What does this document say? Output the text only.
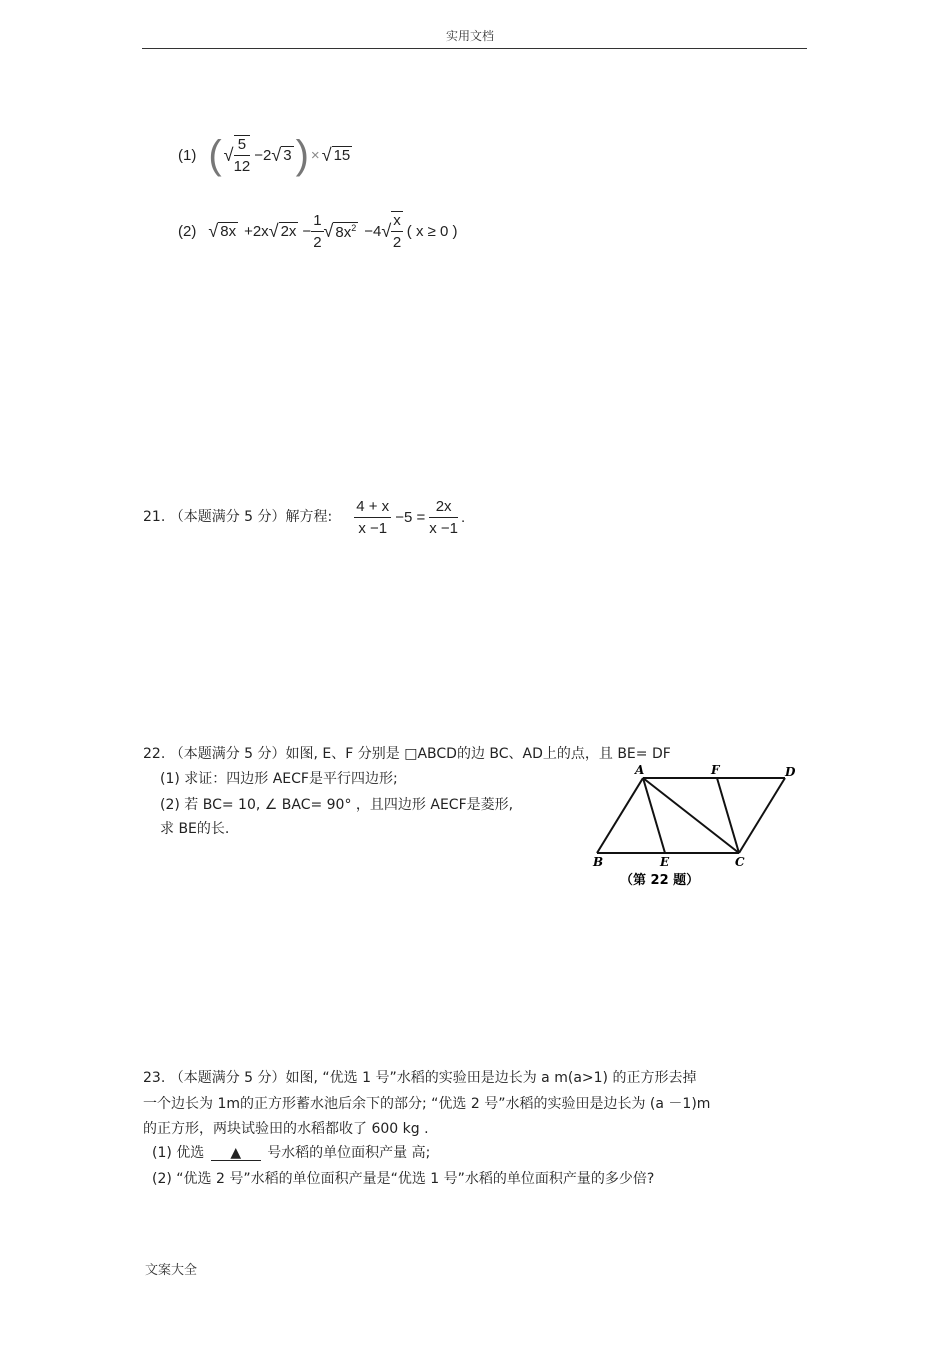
实用文档
(1) ( √ $\frac{5}{12} -2$ √ 3 ) × √ 15
(2) √ 8x +2x √ $2x - \frac{1}{2}$ √ $8x^2 -4$ √ $\frac{x}{2}$ ( x ≥ 0 )
21. （本题满分 5 分）解方程: $\frac{4 + x}{x -1} -5 = \frac{2x}{x -1}$ .
22. （本题满分 5 分）如图, E、F 分别是 □ABCD的边 BC、AD上的点，且 BE= DF
(1) 求证：四边形 AECF是平行四边形;
(2) 若 BC= 10, ∠ BAC= 90° ，且四边形 AECF是菱形,
求 BE的长.
A	F	D
B	E	C
（第 22 题）
23. （本题满分 5 分）如图, “优选 1 号”水稻的实验田是边长为 a m(a>1) 的正方形去掉
一个边长为 1m的正方形蓄水池后余下的部分; “优选 2 号”水稻的实验田是边长为 (a －1)m
的正方形，两块试验田的水稻都收了 600 kg .
(1) 优选 ▲ 号水稻的单位面积产量 高;
(2) “优选 2 号”水稻的单位面积产量是“优选 1 号”水稻的单位面积产量的多少倍?
文案大全
